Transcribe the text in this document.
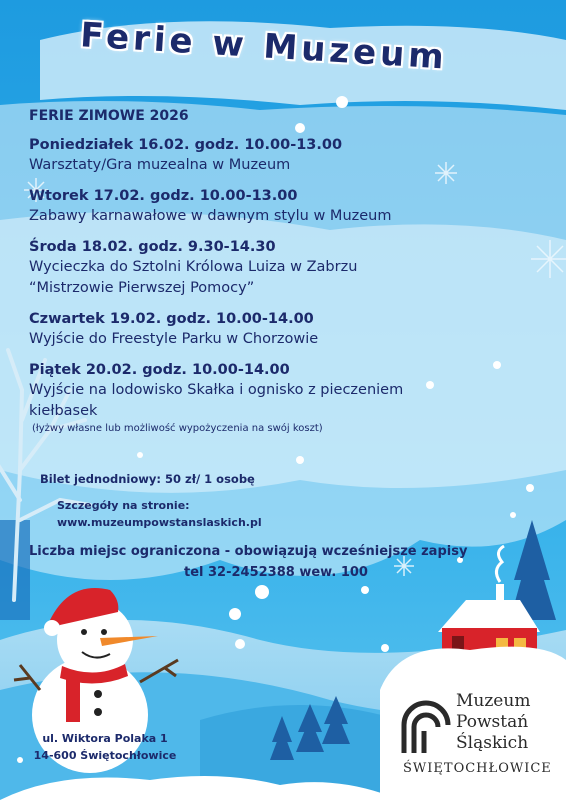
Ferie w Muzeum
FERIE ZIMOWE 2026
Poniedziałek 16.02. godz. 10.00-13.00
Warsztaty/Gra muzealna w Muzeum
Wtorek 17.02. godz. 10.00-13.00
Zabawy karnawałowe w dawnym stylu w Muzeum
Środa 18.02. godz. 9.30-14.30
Wycieczka do Sztolni Królowa Luiza w Zabrzu
“Mistrzowie Pierwszej Pomocy”
Czwartek 19.02. godz. 10.00-14.00
Wyjście do Freestyle Parku w Chorzowie
Piątek 20.02. godz. 10.00-14.00
Wyjście na lodowisko Skałka i ognisko z pieczeniem
kiełbasek
(łyżwy własne lub możliwość wypożyczenia na swój koszt)
Bilet jednodniowy: 50 zł/ 1 osobę
Szczegóły na stronie:
www.muzeumpowstanslaskich.pl
Liczba miejsc ograniczona - obowiązują wcześniejsze zapisy
tel 32-2452388 wew. 100
ul. Wiktora Polaka 1
14-600 Świętochłowice
Muzeum
Powstań
Śląskich
ŚWIĘTOCHŁOWICE
